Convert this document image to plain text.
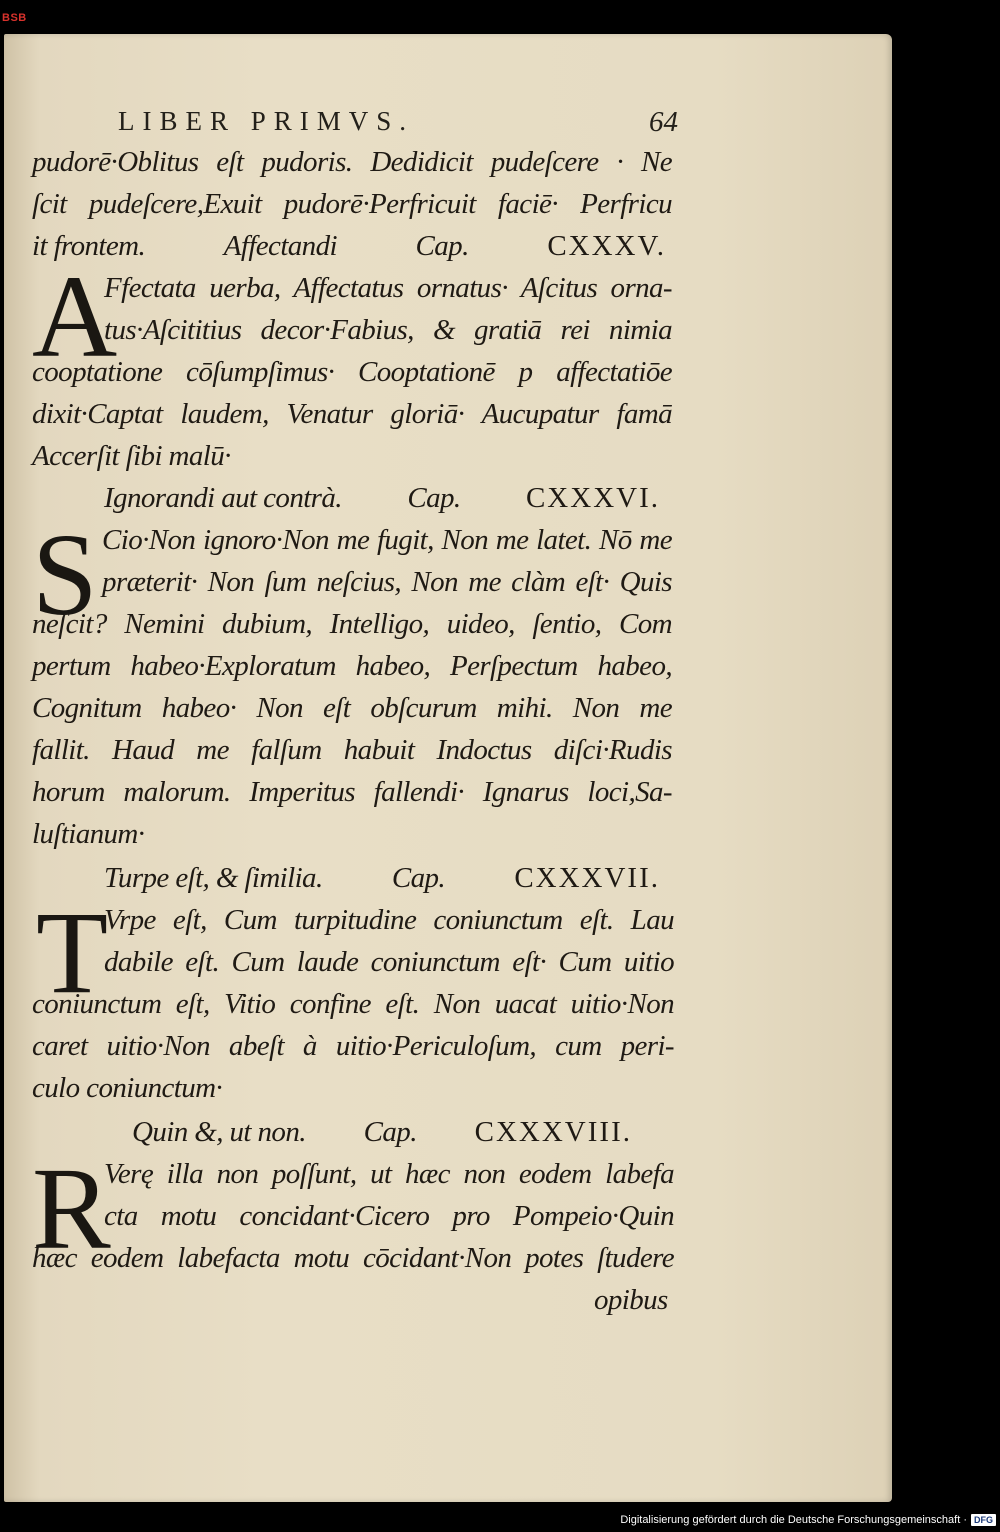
BSB
LIBER PRIMVS.	64
pudorē·Oblitus eſt pudoris. Dedidicit pudeſcere · Ne
ſcit pudeſcere,Exuit pudorē·Perfricuit faciē· Perfricu
it frontem.	Affectandi	Cap.	CXXXV.
A
Ffectata uerba, Affectatus ornatus· Aſcitus orna-
tus·Aſcititius decor·Fabius, & gratiā rei nimia
cooptatione cōſumpſimus· Cooptationē p affectatiōe
dixit·Captat laudem, Venatur gloriā· Aucupatur famā
Accerſit ſibi malū·
Ignorandi aut contrà. Cap. CXXXVI.
S Cio·Non ignoro·Non me fugit, Non me latet. Nō me
præterit· Non ſum neſcius, Non me clàm eſt· Quis
neſcit? Nemini dubium, Intelligo, uideo, ſentio, Com
pertum habeo·Exploratum habeo, Perſpectum habeo,
Cognitum habeo· Non eſt obſcurum mihi. Non me
fallit. Haud me falſum habuit Indoctus diſci·Rudis
horum malorum. Imperitus fallendi· Ignarus loci,Sa-
luſtianum·
Turpe eſt, & ſimilia. Cap. CXXXVII.
T
Vrpe eſt, Cum turpitudine coniunctum eſt. Lau
dabile eſt. Cum laude coniunctum eſt· Cum uitio
coniunctum eſt, Vitio confine eſt. Non uacat uitio·Non
caret uitio·Non abeſt à uitio·Periculoſum, cum peri-
culo coniunctum·
Quin &, ut non. Cap. CXXXVIII.
R
Verę illa non poſſunt, ut hæc non eodem labefa
cta motu concidant·Cicero pro Pompeio·Quin
hæc eodem labefacta motu cōcidant·Non potes ſtudere
opibus
Digitalisierung gefördert durch die Deutsche Forschungsgemeinschaft · DFG
